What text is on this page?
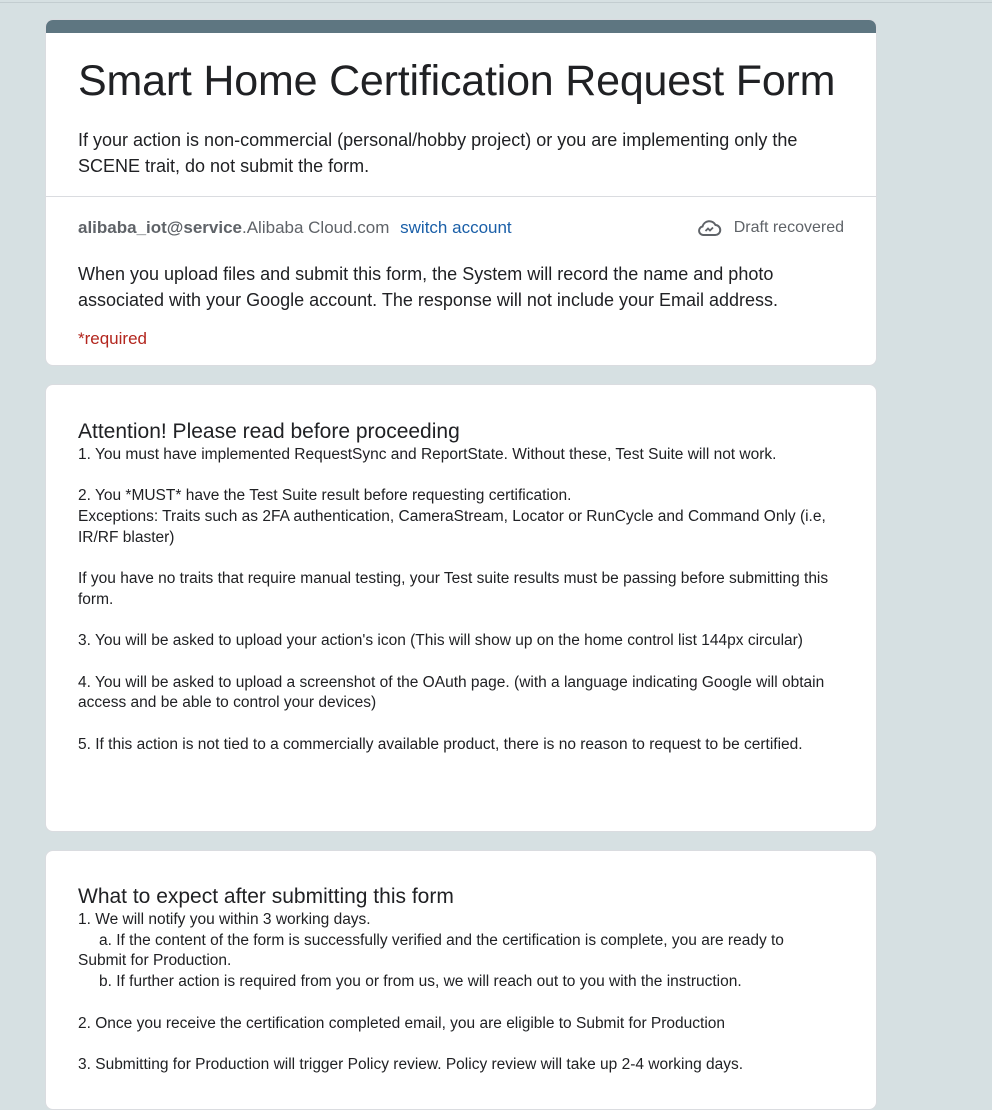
Smart Home Certification Request Form

If your action is non-commercial (personal/hobby project) or you are implementing only the SCENE trait, do not submit the form.

alibaba_iot@service.Alibaba Cloud.com switch account	Draft recovered

When you upload files and submit this form, the System will record the name and photo associated with your Google account. The response will not include your Email address.

*required

Attention! Please read before proceeding

1. You must have implemented RequestSync and ReportState. Without these, Test Suite will not work.

2. You *MUST* have the Test Suite result before requesting certification.

Exceptions: Traits such as 2FA authentication, CameraStream, Locator or RunCycle and Command Only (i.e, IR/RF blaster)

If you have no traits that require manual testing, your Test suite results must be passing before submitting this form.

3. You will be asked to upload your action's icon (This will show up on the home control list 144px circular)

4. You will be asked to upload a screenshot of the OAuth page. (with a language indicating Google will obtain access and be able to control your devices)

5. If this action is not tied to a commercially available product, there is no reason to request to be certified.

What to expect after submitting this form

1. We will notify you within 3 working days.

a. If the content of the form is successfully verified and the certification is complete, you are ready to

Submit for Production.

b. If further action is required from you or from us, we will reach out to you with the instruction.

2. Once you receive the certification completed email, you are eligible to Submit for Production

3. Submitting for Production will trigger Policy review. Policy review will take up 2-4 working days.
